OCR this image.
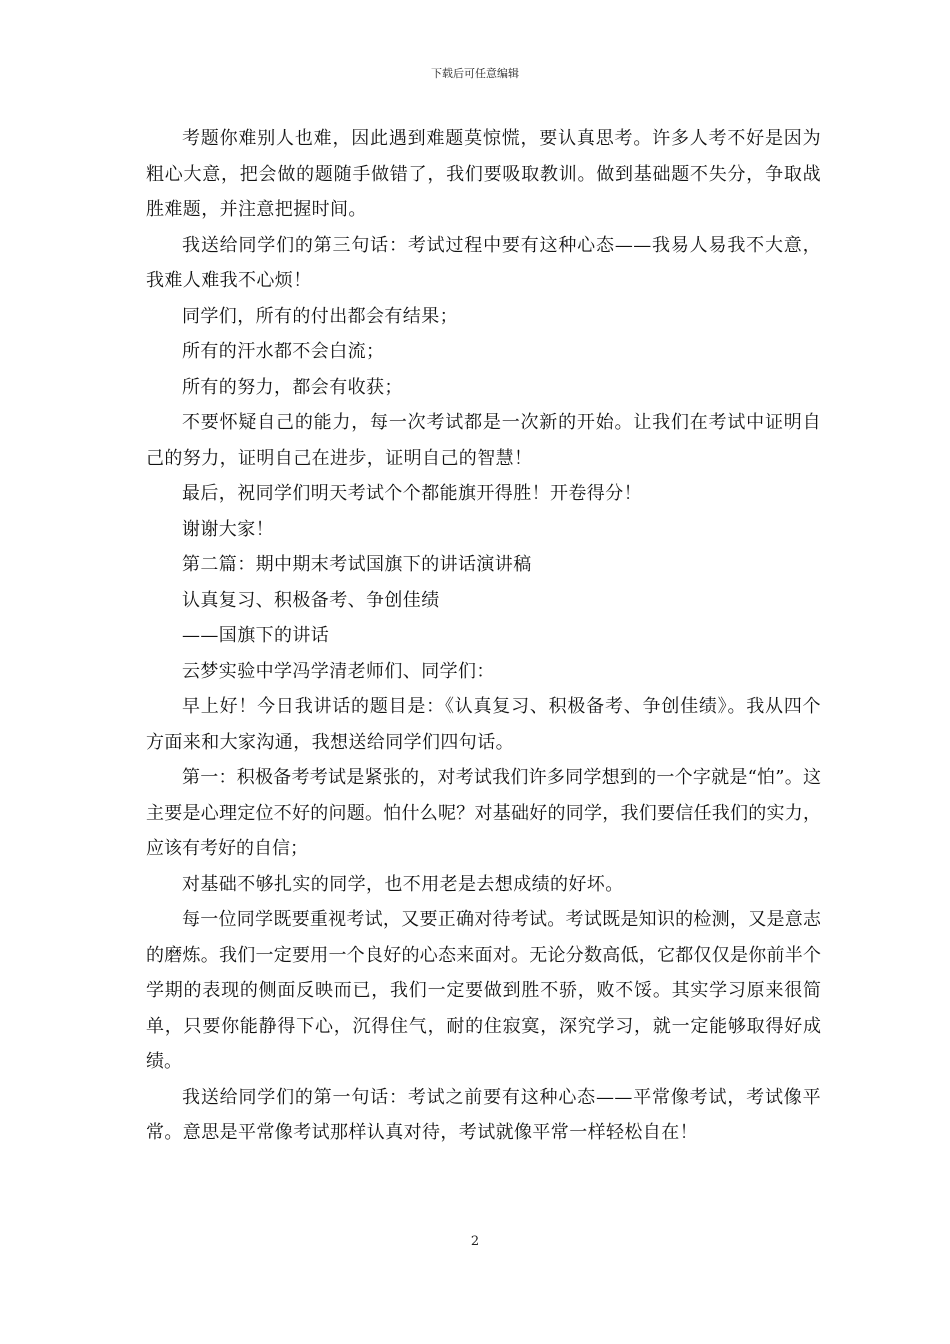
下载后可任意编辑

考题你难别人也难，因此遇到难题莫惊慌，要认真思考。许多人考不好是因为粗心大意，把会做的题随手做错了，我们要吸取教训。做到基础题不失分，争取战胜难题，并注意把握时间。

我送给同学们的第三句话：考试过程中要有这种心态——我易人易我不大意，我难人难我不心烦！

同学们，所有的付出都会有结果；

所有的汗水都不会白流；

所有的努力，都会有收获；

不要怀疑自己的能力，每一次考试都是一次新的开始。让我们在考试中证明自己的努力，证明自己在进步，证明自己的智慧！

最后，祝同学们明天考试个个都能旗开得胜！开卷得分！

谢谢大家！

第二篇：期中期末考试国旗下的讲话演讲稿

认真复习、积极备考、争创佳绩

——国旗下的讲话

云梦实验中学冯学清老师们、同学们：

早上好！今日我讲话的题目是：《认真复习、积极备考、争创佳绩》。我从四个方面来和大家沟通，我想送给同学们四句话。

第一：积极备考考试是紧张的，对考试我们许多同学想到的一个字就是“怕”。这主要是心理定位不好的问题。怕什么呢？对基础好的同学，我们要信任我们的实力，应该有考好的自信；

对基础不够扎实的同学，也不用老是去想成绩的好坏。

每一位同学既要重视考试，又要正确对待考试。考试既是知识的检测，又是意志的磨炼。我们一定要用一个良好的心态来面对。无论分数高低，它都仅仅是你前半个学期的表现的侧面反映而已，我们一定要做到胜不骄，败不馁。其实学习原来很简单，只要你能静得下心，沉得住气，耐的住寂寞，深究学习，就一定能够取得好成绩。

我送给同学们的第一句话：考试之前要有这种心态——平常像考试，考试像平常。意思是平常像考试那样认真对待，考试就像平常一样轻松自在！

2
